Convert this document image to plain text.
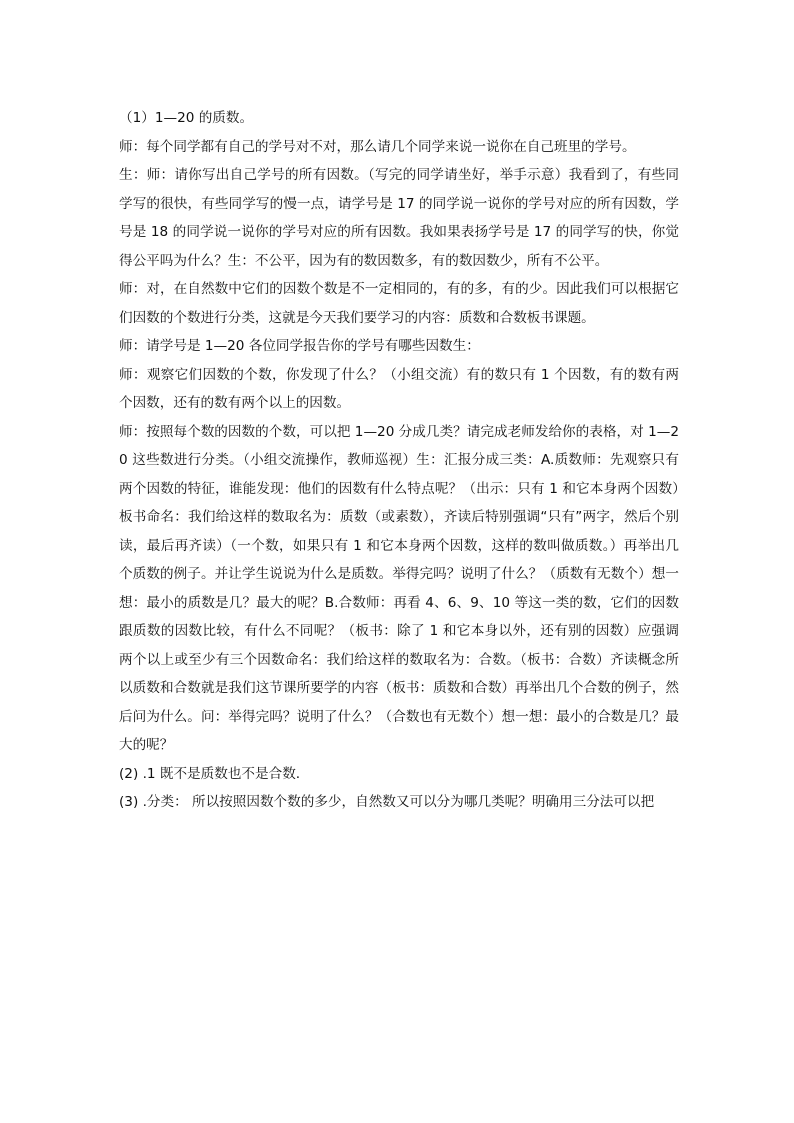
（1）1—20 的质数。

师：每个同学都有自己的学号对不对，那么请几个同学来说一说你在自己班里的学号。

生：师：请你写出自己学号的所有因数。（写完的同学请坐好，举手示意）我看到了，有些同学写的很快，有些同学写的慢一点，请学号是 17 的同学说一说你的学号对应的所有因数，学号是 18 的同学说一说你的学号对应的所有因数。我如果表扬学号是 17 的同学写的快，你觉得公平吗为什么？生：不公平，因为有的数因数多，有的数因数少，所有不公平。

师：对，在自然数中它们的因数个数是不一定相同的，有的多，有的少。因此我们可以根据它们因数的个数进行分类，这就是今天我们要学习的内容：质数和合数板书课题。

师：请学号是 1—20 各位同学报告你的学号有哪些因数生：

师：观察它们因数的个数，你发现了什么？（小组交流）有的数只有 1 个因数，有的数有两个因数，还有的数有两个以上的因数。

师：按照每个数的因数的个数，可以把 1—20 分成几类？请完成老师发给你的表格，对 1—20 这些数进行分类。（小组交流操作，教师巡视）生：汇报分成三类：A.质数师：先观察只有两个因数的特征，谁能发现：他们的因数有什么特点呢？（出示：只有 1 和它本身两个因数）板书命名：我们给这样的数取名为：质数（或素数），齐读后特别强调“只有”两字，然后个别读，最后再齐读）（一个数，如果只有 1 和它本身两个因数，这样的数叫做质数。）再举出几个质数的例子。并让学生说说为什么是质数。举得完吗？说明了什么？（质数有无数个）想一想：最小的质数是几？最大的呢？B.合数师：再看 4、6、9、10 等这一类的数，它们的因数跟质数的因数比较，有什么不同呢？（板书：除了 1 和它本身以外，还有别的因数）应强调两个以上或至少有三个因数命名：我们给这样的数取名为：合数。（板书：合数）齐读概念所以质数和合数就是我们这节课所要学的内容（板书：质数和合数）再举出几个合数的例子，然后问为什么。问：举得完吗？说明了什么？（合数也有无数个）想一想：最小的合数是几？最大的呢？

(2) .1 既不是质数也不是合数.

(3) .分类： 所以按照因数个数的多少，自然数又可以分为哪几类呢？明确用三分法可以把
